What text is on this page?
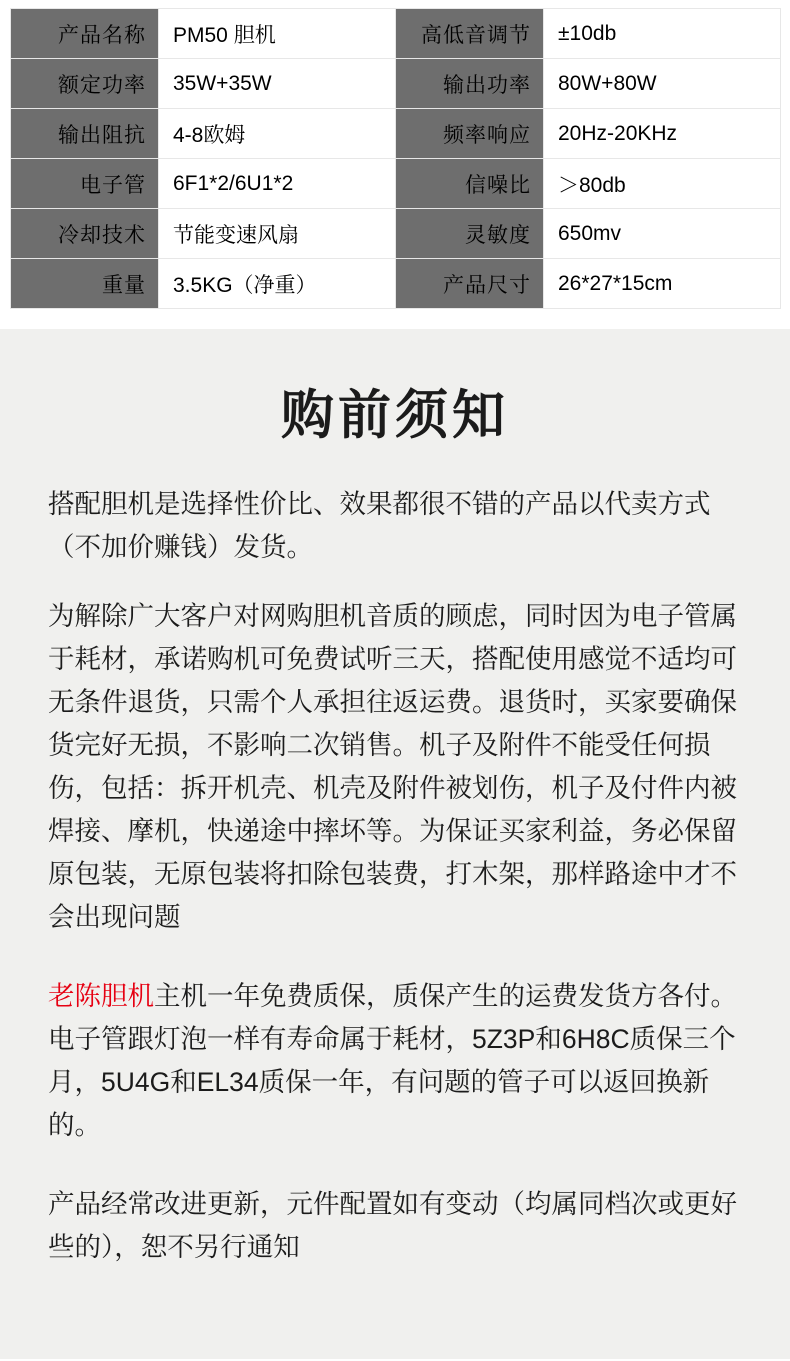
产品名称	PM50 胆机	高低音调节	±10db
额定功率	35W+35W	输出功率	80W+80W
输出阻抗	4-8欧姆	频率响应	20Hz-20KHz
电子管	6F1*2/6U1*2	信噪比	＞80db
冷却技术	节能变速风扇	灵敏度	650mv
重量	3.5KG（净重）	产品尺寸	26*27*15cm
购前须知
搭配胆机是选择性价比、效果都很不错的产品以代卖方式（不加价赚钱）发货。
为解除广大客户对网购胆机音质的顾虑，同时因为电子管属于耗材，承诺购机可免费试听三天，搭配使用感觉不适均可无条件退货，只需个人承担往返运费。退货时，买家要确保货完好无损，不影响二次销售。机子及附件不能受任何损伤，包括：拆开机壳、机壳及附件被划伤，机子及付件内被焊接、摩机，快递途中摔坏等。为保证买家利益，务必保留原包装，无原包装将扣除包装费，打木架，那样路途中才不会出现问题
老陈胆机主机一年免费质保，质保产生的运费发货方各付。电子管跟灯泡一样有寿命属于耗材，5Z3P和6H8C质保三个月，5U4G和EL34质保一年，有问题的管子可以返回换新的。
产品经常改进更新，元件配置如有变动（均属同档次或更好些的），恕不另行通知
